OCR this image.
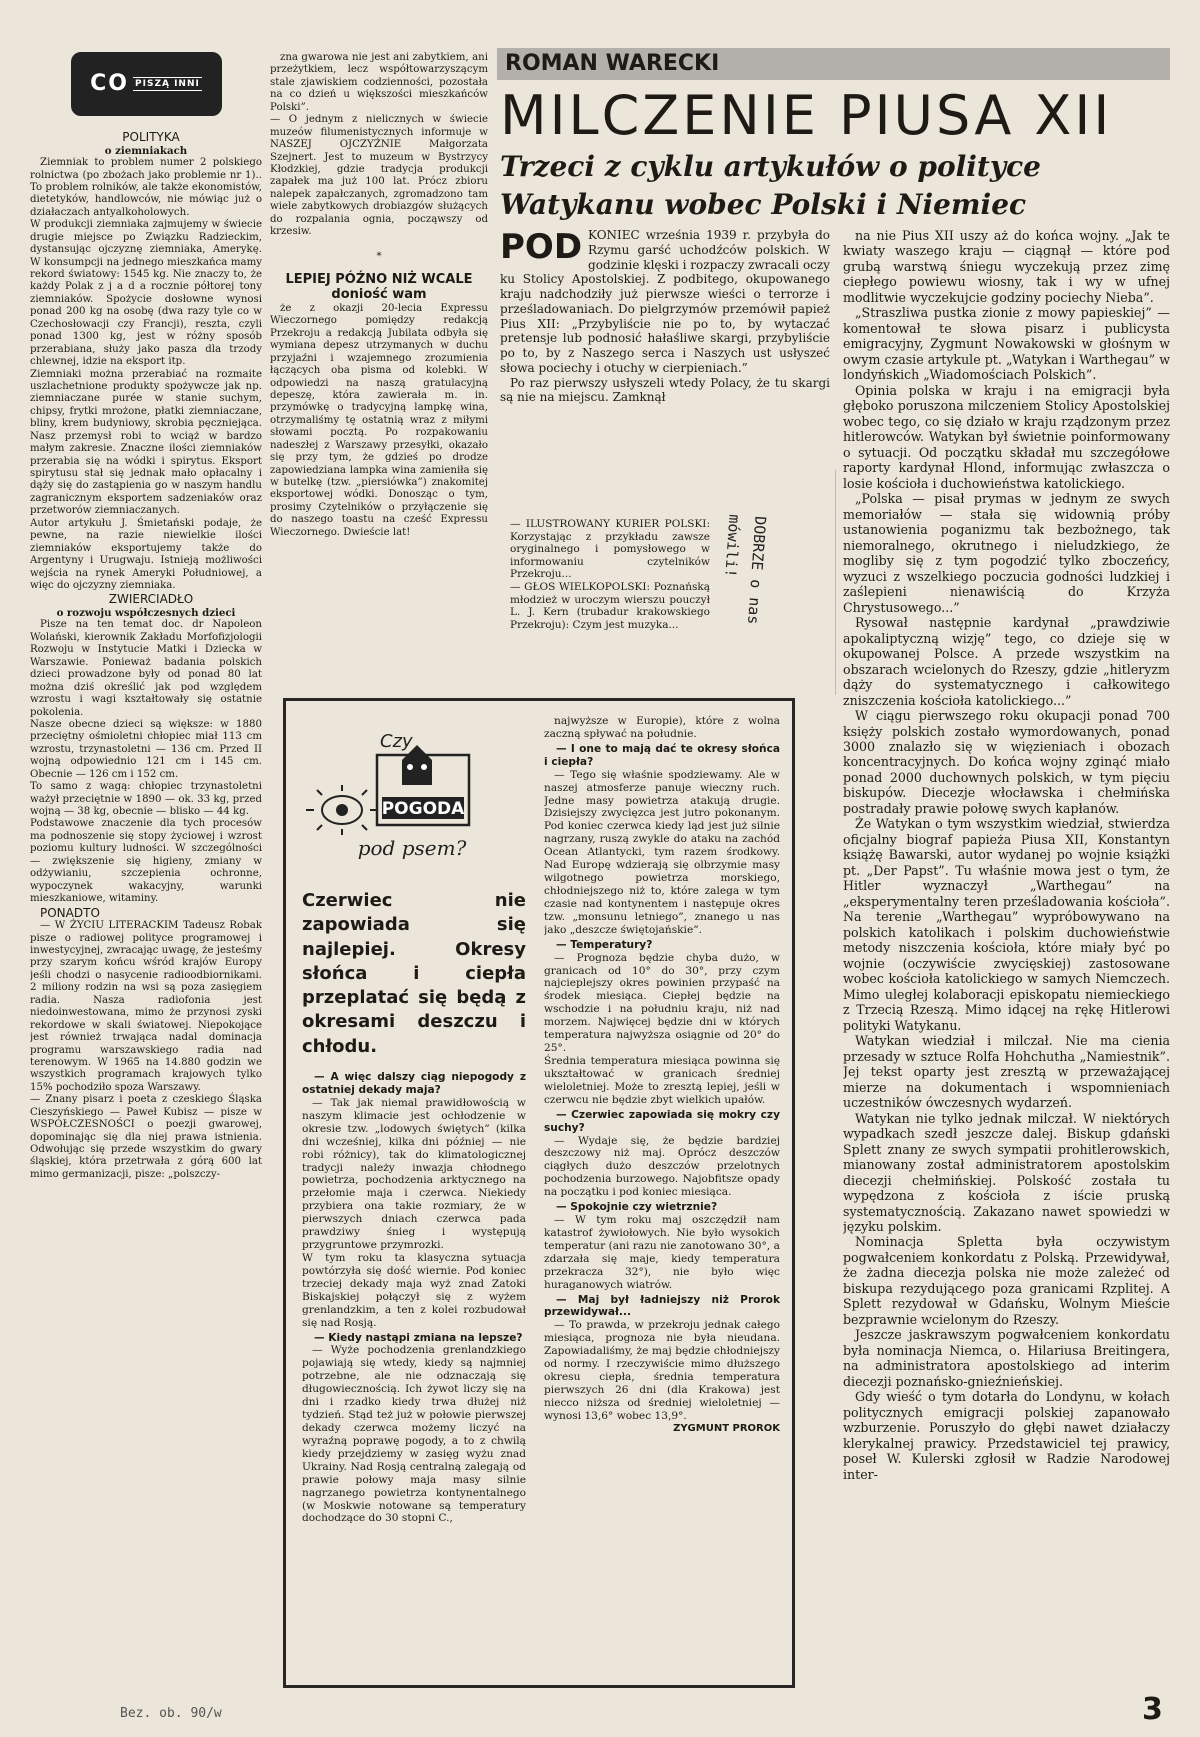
CO PISZĄ INNI

POLITYKA

o ziemniakach

Ziemniak to problem numer 2 polskiego rolnictwa (po zbożach jako problemie nr 1).. To problem rolników, ale także ekonomistów, dietetyków, handlowców, nie mówiąc już o działaczach antyalkoholowych.
W produkcji ziemniaka zajmujemy w świecie drugie miejsce po Związku Radzieckim, dystansując ojczyznę ziemniaka, Amerykę. W konsumpcji na jednego mieszkańca mamy rekord światowy: 1545 kg. Nie znaczy to, że każdy Polak z j a d a rocznie półtorej tony ziemniaków. Spożycie dosłowne wynosi ponad 200 kg na osobę (dwa razy tyle co w Czechosłowacji czy Francji), reszta, czyli ponad 1300 kg, jest w różny sposób przerabiana, służy jako pasza dla trzody chlewnej, idzie na eksport itp.
Ziemniaki można przerabiać na rozmaite uszlachetnione produkty spożywcze jak np. ziemniaczane purée w stanie suchym, chipsy, frytki mrożone, płatki ziemniaczane, bliny, krem budyniowy, skrobia pęczniejąca. Nasz przemysł robi to wciąż w bardzo małym zakresie. Znaczne ilości ziemniaków przerabia się na wódki i spirytus. Eksport spirytusu stał się jednak mało opłacalny i dąży się do zastąpienia go w naszym handlu zagranicznym eksportem sadzeniaków oraz przetworów ziemniaczanych.
Autor artykułu J. Śmietański podaje, że pewne, na razie niewielkie ilości ziemniaków eksportujemy także do Argentyny i Urugwaju. Istnieją możliwości wejścia na rynek Ameryki Południowej, a więc do ojczyzny ziemniaka.

ZWIERCIADŁO

o rozwoju współczesnych dzieci

Pisze na ten temat doc. dr Napoleon Wolański, kierownik Zakładu Morfofizjologii Rozwoju w Instytucie Matki i Dziecka w Warszawie. Ponieważ badania polskich dzieci prowadzone były od ponad 80 lat można dziś określić jak pod względem wzrostu i wagi kształtowały się ostatnie pokolenia.
Nasze obecne dzieci są większe: w 1880 przeciętny ośmioletni chłopiec miał 113 cm wzrostu, trzynastoletni — 136 cm. Przed II wojną odpowiednio 121 cm i 145 cm. Obecnie — 126 cm i 152 cm.
To samo z wagą: chłopiec trzynastoletni ważył przeciętnie w 1890 — ok. 33 kg, przed wojną — 38 kg, obecnie — blisko — 44 kg.
Podstawowe znaczenie dla tych procesów ma podnoszenie się stopy życiowej i wzrost poziomu kultury ludności. W szczególności — zwiększenie się higieny, zmiany w odżywianiu, szczepienia ochronne, wypoczynek wakacyjny, warunki mieszkaniowe, witaminy.

PONADTO

— W ŻYCIU LITERACKIM Tadeusz Robak pisze o radiowej polityce programowej i inwestycyjnej, zwracając uwagę, że jesteśmy przy szarym końcu wśród krajów Europy jeśli chodzi o nasycenie radioodbiornikami. 2 miliony rodzin na wsi są poza zasięgiem radia. Nasza radiofonia jest niedoinwestowana, mimo że przynosi zyski rekordowe w skali światowej. Niepokojące jest również trwająca nadal dominacja programu warszawskiego radia nad terenowym. W 1965 na 14.880 godzin we wszystkich programach krajowych tylko 15% pochodziło spoza Warszawy.
— Znany pisarz i poeta z czeskiego Śląska Cieszyńskiego — Paweł Kubisz — pisze w WSPÓŁCZESNOŚCI o poezji gwarowej, dopominając się dla niej prawa istnienia. Odwołując się przede wszystkim do gwary śląskiej, która przetrwała z górą 600 lat mimo germanizacji, pisze: „polszczy-

zna gwarowa nie jest ani zabytkiem, ani przeżytkiem, lecz współtowarzyszącym stale zjawiskiem codzienności, pozostała na co dzień u większości mieszkańców Polski”.
— O jednym z nielicznych w świecie muzeów filumenistycznych informuje w NASZEJ OJCZYŹNIE Małgorzata Szejnert. Jest to muzeum w Bystrzycy Kłodzkiej, gdzie tradycja produkcji zapałek ma już 100 lat. Prócz zbioru nalepek zapałczanych, zgromadzono tam wiele zabytkowych drobiazgów służących do rozpalania ognia, począwszy od krzesiw.

*

LEPIEJ PÓŹNO NIŻ WCALE doniość wam

że z okazji 20-lecia Expressu Wieczornego pomiędzy redakcją Przekroju a redakcją Jubilata odbyła się wymiana depesz utrzymanych w duchu przyjaźni i wzajemnego zrozumienia łączących oba pisma od kolebki. W odpowiedzi na naszą gratulacyjną depeszę, która zawierała m. in. przymówkę o tradycyjną lampkę wina, otrzymaliśmy tę ostatnią wraz z miłymi słowami pocztą. Po rozpakowaniu nadeszłej z Warszawy przesyłki, okazało się przy tym, że gdzieś po drodze zapowiedziana lampka wina zamieniła się w butelkę (tzw. „piersiówka”) znakomitej eksportowej wódki. Donosząc o tym, prosimy Czytelników o przyłączenie się do naszego toastu na cześć Expressu Wieczornego. Dwieście lat!

ROMAN WARECKI
MILCZENIE PIUSA XII
Trzeci z cyklu artykułów o polityce Watykanu wobec Polski i Niemiec
POD KONIEC września 1939 r. przybyła do Rzymu garść uchodźców polskich. W godzinie klęski i rozpaczy zwracali oczy ku Stolicy Apostolskiej. Z podbitego, okupowanego kraju nadchodziły już pierwsze wieści o terrorze i prześladowaniach. Do pielgrzymów przemówił papież Pius XII: „Przybyliście nie po to, by wytaczać pretensje lub podnosić hałaśliwe skargi, przybyliście po to, by z Naszego serca i Naszych ust usłyszeć słowa pociechy i otuchy w cierpieniach.”

Po raz pierwszy usłyszeli wtedy Polacy, że tu skargi są nie na miejscu. Zamknął

na nie Pius XII uszy aż do końca wojny. „Jak te kwiaty waszego kraju — ciągnął — które pod grubą warstwą śniegu wyczekują przez zimę ciepłego powiewu wiosny, tak i wy w ufnej modlitwie wyczekujcie godziny pociechy Nieba”.

„Straszliwa pustka zionie z mowy papieskiej” — komentował te słowa pisarz i publicysta emigracyjny, Zygmunt Nowakowski w głośnym w owym czasie artykule pt. „Watykan i Warthegau” w londyńskich „Wiadomościach Polskich”.

Opinia polska w kraju i na emigracji była głęboko poruszona milczeniem Stolicy Apostolskiej wobec tego, co się działo w kraju rządzonym przez hitlerowców. Watykan był świetnie poinformowany o sytuacji. Od początku składał mu szczegółowe raporty kardynał Hlond, informując zwłaszcza o losie kościoła i duchowieństwa katolickiego.

„Polska — pisał prymas w jednym ze swych memoriałów — stała się widownią próby ustanowienia poganizmu tak bezbożnego, tak niemoralnego, okrutnego i nieludzkiego, że mogliby się z tym pogodzić tylko zboczeńcy, wyzuci z wszelkiego poczucia godności ludzkiej i zaślepieni nienawiścią do Krzyża Chrystusowego...”

Rysował następnie kardynał „prawdziwie apokaliptyczną wizję” tego, co dzieje się w okupowanej Polsce. A przede wszystkim na obszarach wcielonych do Rzeszy, gdzie „hitleryzm dąży do systematycznego i całkowitego zniszczenia kościoła katolickiego...”

W ciągu pierwszego roku okupacji ponad 700 księży polskich zostało wymordowanych, ponad 3000 znalazło się w więzieniach i obozach koncentracyjnych. Do końca wojny zginąć miało ponad 2000 duchownych polskich, w tym pięciu biskupów. Diecezje włocławska i chełmińska postradały prawie połowę swych kapłanów.

Że Watykan o tym wszystkim wiedział, stwierdza oficjalny biograf papieża Piusa XII, Konstantyn książę Bawarski, autor wydanej po wojnie książki pt. „Der Papst”. Tu właśnie mowa jest o tym, że Hitler wyznaczył „Warthegau” na „eksperymentalny teren prześladowania kościoła”. Na terenie „Warthegau” wypróbowywano na polskich katolikach i polskim duchowieństwie metody niszczenia kościoła, które miały być po wojnie (oczywiście zwycięskiej) zastosowane wobec kościoła katolickiego w samych Niemczech. Mimo uległej kolaboracji episkopatu niemieckiego z Trzecią Rzeszą. Mimo idącej na rękę Hitlerowi polityki Watykanu.

Watykan wiedział i milczał. Nie ma cienia przesady w sztuce Rolfa Hohchutha „Namiestnik”. Jej tekst oparty jest zresztą w przeważającej mierze na dokumentach i wspomnieniach uczestników ówczesnych wydarzeń.

Watykan nie tylko jednak milczał. W niektórych wypadkach szedł jeszcze dalej. Biskup gdański Splett znany ze swych sympatii prohitlerowskich, mianowany został administratorem apostolskim diecezji chełmińskiej. Polskość została tu wypędzona z kościoła z iście pruską systematycznością. Zakazano nawet spowiedzi w języku polskim.

Nominacja Spletta była oczywistym pogwałceniem konkordatu z Polską. Przewidywał, że żadna diecezja polska nie może zależeć od biskupa rezydującego poza granicami Rzplitej. A Splett rezydował w Gdańsku, Wolnym Mieście bezprawnie wcielonym do Rzeszy.

Jeszcze jaskrawszym pogwałceniem konkordatu była nominacja Niemca, o. Hilariusa Breitingera, na administratora apostolskiego ad interim diecezji poznańsko-gnieźnieńskiej.

Gdy wieść o tym dotarła do Londynu, w kołach politycznych emigracji polskiej zapanowało wzburzenie. Poruszyło do głębi nawet działaczy klerykalnej prawicy. Przedstawiciel tej prawicy, poseł W. Kulerski zgłosił w Radzie Narodowej inter-

— ILUSTROWANY KURIER POLSKI: Korzystając z przykładu zawsze oryginalnego i pomysłowego w informowaniu czytelników Przekroju...

— GŁOS WIELKOPOLSKI: Poznańską młodzież w uroczym wierszu pouczył L. J. Kern (trubadur krakowskiego Przekroju): Czym jest muzyka...	DOBRZE o nas mówili!
POGODA
Czy
pod psem?

Czerwiec nie zapowiada się najlepiej. Okresy słońca i ciepła przeplatać się będą z okresami deszczu i chłodu.

— A więc dalszy ciąg niepogody z ostatniej dekady maja?

— Tak jak niemal prawidłowością w naszym klimacie jest ochłodzenie w okresie tzw. „lodowych świętych” (kilka dni wcześniej, kilka dni później — nie robi różnicy), tak do klimatologicznej tradycji należy inwazja chłodnego powietrza, pochodzenia arktycznego na przełomie maja i czerwca. Niekiedy przybiera ona takie rozmiary, że w pierwszych dniach czerwca pada prawdziwy śnieg i występują przygruntowe przymrozki.
W tym roku ta klasyczna sytuacja powtórzyła się dość wiernie. Pod koniec trzeciej dekady maja wyż znad Zatoki Biskajskiej połączył się z wyżem grenlandzkim, a ten z kolei rozbudował się nad Rosją.

— Kiedy nastąpi zmiana na lepsze?

— Wyże pochodzenia grenlandzkiego pojawiają się wtedy, kiedy są najmniej potrzebne, ale nie odznaczają się długowiecznością. Ich żywot liczy się na dni i rzadko kiedy trwa dłużej niż tydzień. Stąd też już w połowie pierwszej dekady czerwca możemy liczyć na wyraźną poprawę pogody, a to z chwilą kiedy przejdziemy w zasięg wyżu znad Ukrainy. Nad Rosją centralną zalegają od prawie połowy maja masy silnie nagrzanego powietrza kontynentalnego (w Moskwie notowane są temperatury dochodzące do 30 stopni C.,

najwyższe w Europie), które z wolna zaczną spływać na południe.

— I one to mają dać te okresy słońca i ciepła?

— Tego się właśnie spodziewamy. Ale w naszej atmosferze panuje wieczny ruch. Jedne masy powietrza atakują drugie. Dzisiejszy zwycięzca jest jutro pokonanym. Pod koniec czerwca kiedy ląd jest już silnie nagrzany, ruszą zwykle do ataku na zachód Ocean Atlantycki, tym razem środkowy. Nad Europę wdzierają się olbrzymie masy wilgotnego powietrza morskiego, chłodniejszego niż to, które zalega w tym czasie nad kontynentem i następuje okres tzw. „monsunu letniego”, znanego u nas jako „deszcze świętojańskie”.

— Temperatury?

— Prognoza będzie chyba dużo, w granicach od 10° do 30°, przy czym najcieplejszy okres powinien przypaść na środek miesiąca. Ciepłej będzie na wschodzie i na południu kraju, niż nad morzem. Najwięcej będzie dni w których temperatura najwyższa osiągnie od 20° do 25°.
Średnia temperatura miesiąca powinna się ukształtować w granicach średniej wieloletniej. Może to zresztą lepiej, jeśli w czerwcu nie będzie zbyt wielkich upałów.

— Czerwiec zapowiada się mokry czy suchy?

— Wydaje się, że będzie bardziej deszczowy niż maj. Oprócz deszczów ciągłych dużo deszczów przelotnych pochodzenia burzowego. Najobfitsze opady na początku i pod koniec miesiąca.

— Spokojnie czy wietrznie?

— W tym roku maj oszczędził nam katastrof żywiołowych. Nie było wysokich temperatur (ani razu nie zanotowano 30°, a zdarzała się maje, kiedy temperatura przekracza 32°), nie było więc huraganowych wiatrów.

— Maj był ładniejszy niż Prorok przewidywał...

— To prawda, w przekroju jednak całego miesiąca, prognoza nie była nieudana. Zapowiadaliśmy, że maj będzie chłodniejszy od normy. I rzeczywiście mimo dłuższego okresu ciepła, średnia temperatura pierwszych 26 dni (dla Krakowa) jest niecco niższa od średniej wieloletniej — wynosi 13,6° wobec 13,9°.

ZYGMUNT PROROK

3
Bez. ob. 90/w
